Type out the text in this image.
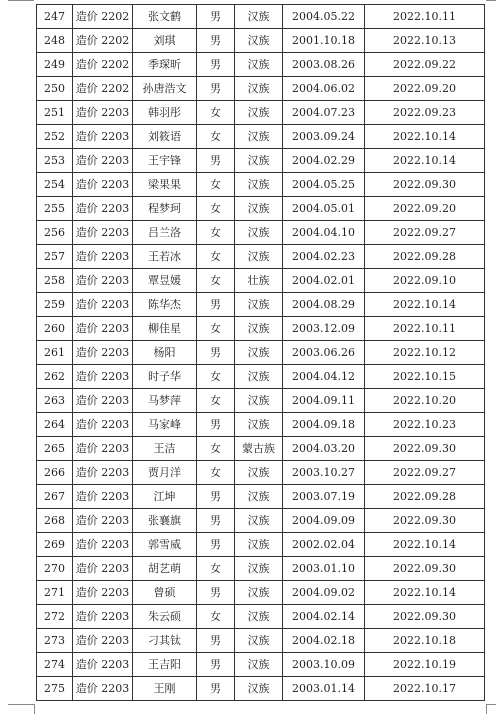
247	造价 2202	张文鹤	男	汉族	2004.05.22	2022.10.11
248	造价 2202	刘琪	男	汉族	2001.10.18	2022.10.13
249	造价 2202	季琛昕	男	汉族	2003.08.26	2022.09.22
250	造价 2202	孙唐浩文	男	汉族	2004.06.02	2022.09.20
251	造价 2203	韩羽彤	女	汉族	2004.07.23	2022.09.23
252	造价 2203	刘筱语	女	汉族	2003.09.24	2022.10.14
253	造价 2203	王宇锋	男	汉族	2004.02.29	2022.10.14
254	造价 2203	梁果果	女	汉族	2004.05.25	2022.09.30
255	造价 2203	程梦珂	女	汉族	2004.05.01	2022.09.20
256	造价 2203	吕兰洛	女	汉族	2004.04.10	2022.09.27
257	造价 2203	王若冰	女	汉族	2004.02.23	2022.09.28
258	造价 2203	覃昱媛	女	壮族	2004.02.01	2022.09.10
259	造价 2203	陈华杰	男	汉族	2004.08.29	2022.10.14
260	造价 2203	柳佳星	女	汉族	2003.12.09	2022.10.11
261	造价 2203	杨阳	男	汉族	2003.06.26	2022.10.12
262	造价 2203	时子华	女	汉族	2004.04.12	2022.10.15
263	造价 2203	马梦萍	女	汉族	2004.09.11	2022.10.20
264	造价 2203	马家峰	男	汉族	2004.09.18	2022.10.23
265	造价 2203	王洁	女	蒙古族	2004.03.20	2022.09.30
266	造价 2203	贾月洋	女	汉族	2003.10.27	2022.09.27
267	造价 2203	江坤	男	汉族	2003.07.19	2022.09.28
268	造价 2203	张襄旗	男	汉族	2004.09.09	2022.09.30
269	造价 2203	郭雪威	男	汉族	2002.02.04	2022.10.14
270	造价 2203	胡艺萌	女	汉族	2003.01.10	2022.09.30
271	造价 2203	曾硕	男	汉族	2004.09.02	2022.10.14
272	造价 2203	朱云硕	女	汉族	2004.02.14	2022.09.30
273	造价 2203	刁其钛	男	汉族	2004.02.18	2022.10.18
274	造价 2203	王吉阳	男	汉族	2003.10.09	2022.10.19
275	造价 2203	王刚	男	汉族	2003.01.14	2022.10.17
